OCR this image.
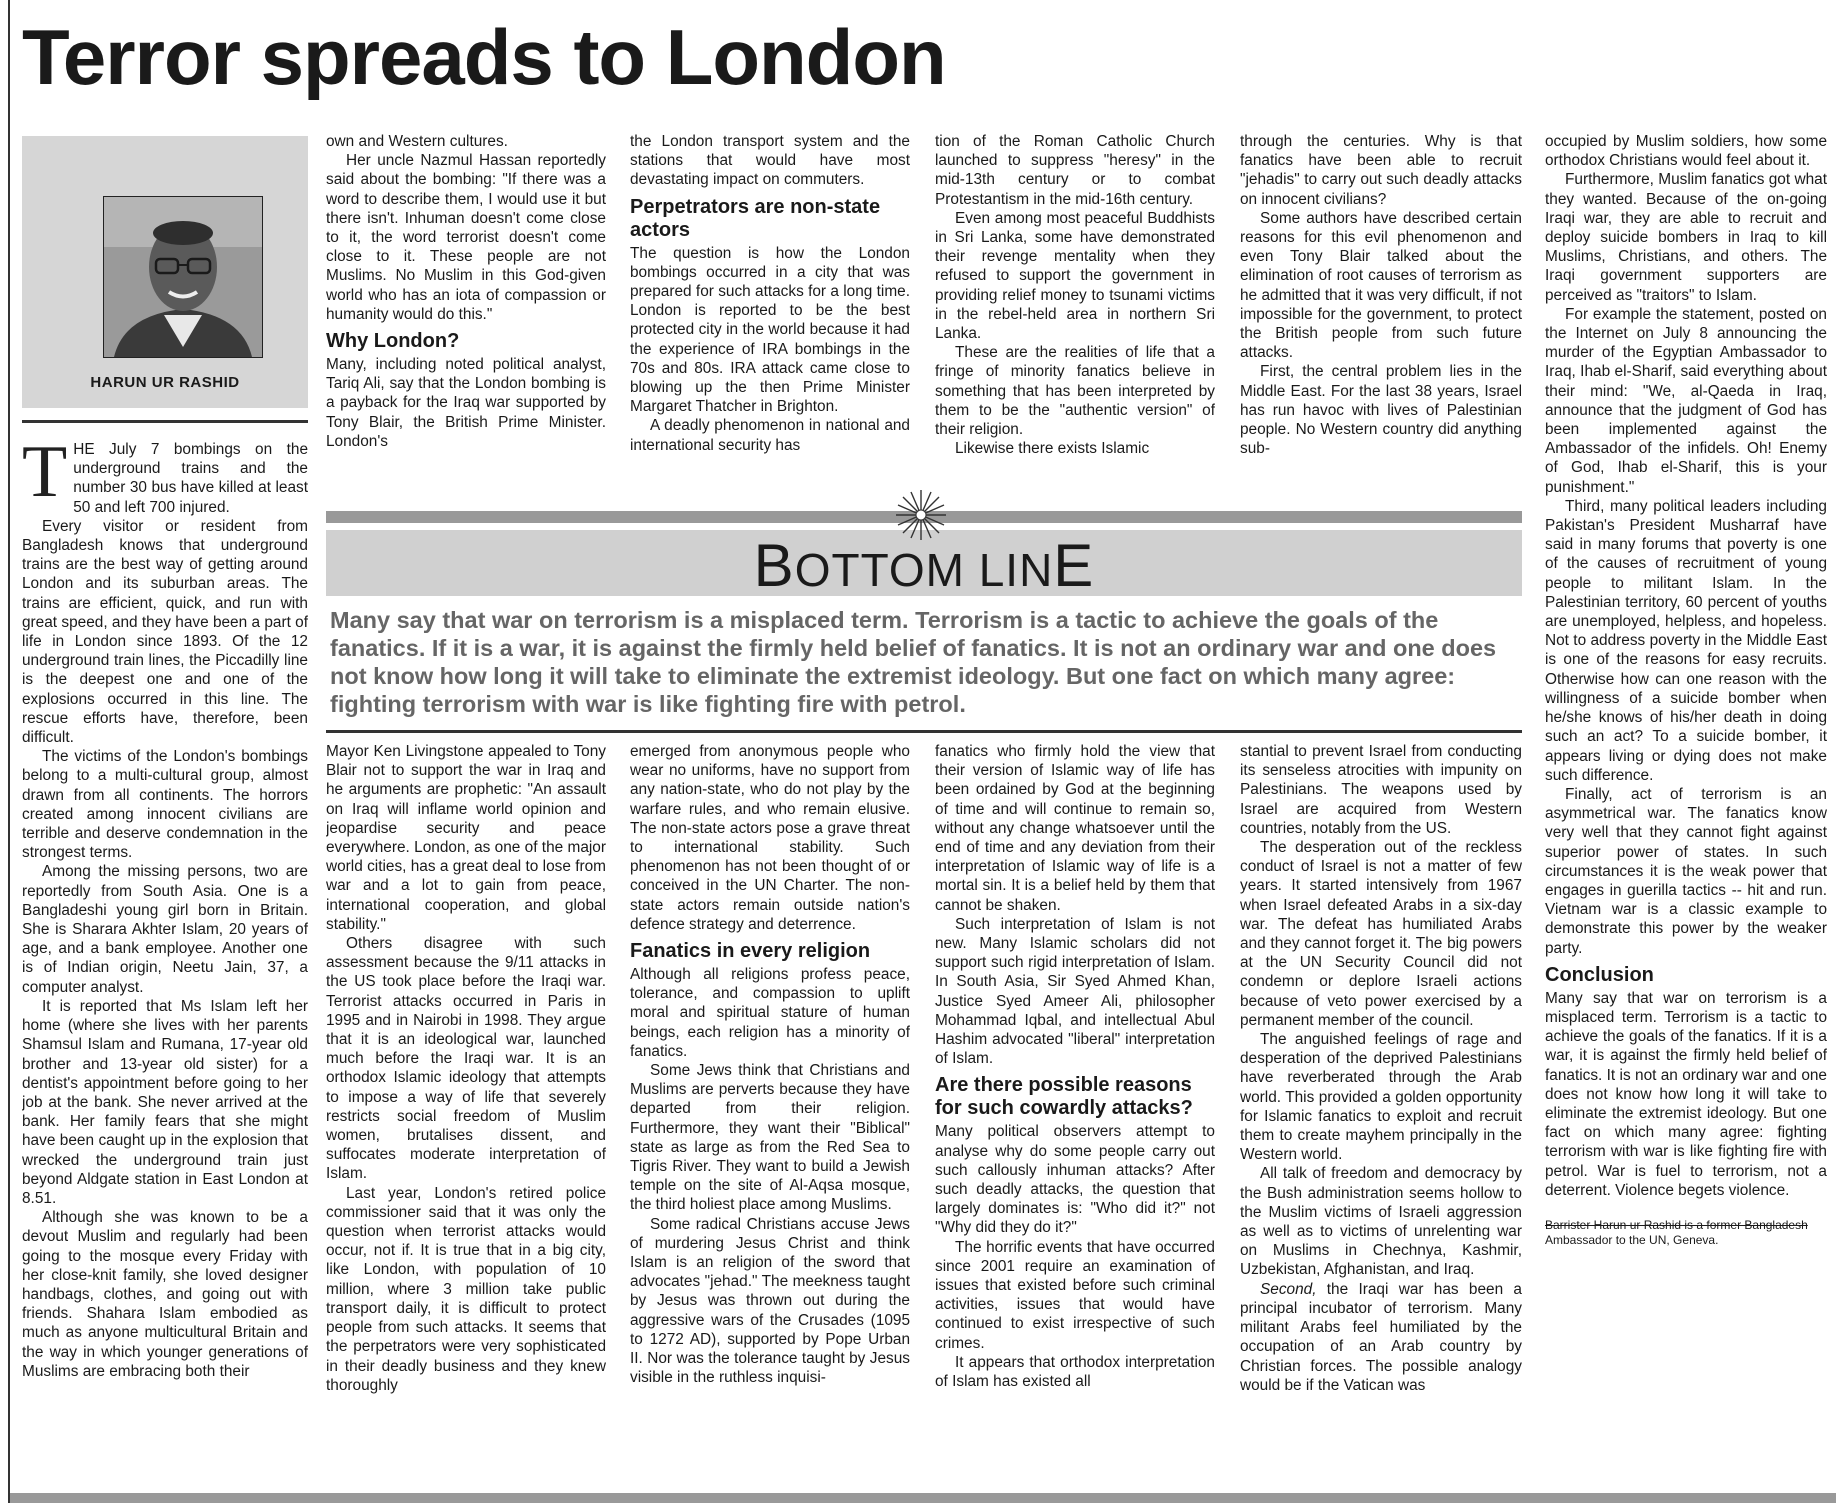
Terror spreads to London
HARUN UR RASHID

THE July 7 bombings on the underground trains and the number 30 bus have killed at least 50 and left 700 injured.

Every visitor or resident from Bangladesh knows that underground trains are the best way of getting around London and its suburban areas. The trains are efficient, quick, and run with great speed, and they have been a part of life in London since 1893. Of the 12 underground train lines, the Piccadilly line is the deepest one and one of the explosions occurred in this line. The rescue efforts have, therefore, been difficult.

The victims of the London's bombings belong to a multi-cultural group, almost drawn from all continents. The horrors created among innocent civilians are terrible and deserve condemnation in the strongest terms.

Among the missing persons, two are reportedly from South Asia. One is a Bangladeshi young girl born in Britain. She is Sharara Akhter Islam, 20 years of age, and a bank employee. Another one is of Indian origin, Neetu Jain, 37, a computer analyst.

It is reported that Ms Islam left her home (where she lives with her parents Shamsul Islam and Rumana, 17-year old brother and 13-year old sister) for a dentist's appointment before going to her job at the bank. She never arrived at the bank. Her family fears that she might have been caught up in the explosion that wrecked the underground train just beyond Aldgate station in East London at 8.51.

Although she was known to be a devout Muslim and regularly had been going to the mosque every Friday with her close-knit family, she loved designer handbags, clothes, and going out with friends. Shahara Islam embodied as much as anyone multicultural Britain and the way in which younger generations of Muslims are embracing both their

own and Western cultures.

Her uncle Nazmul Hassan reportedly said about the bombing: "If there was a word to describe them, I would use it but there isn't. Inhuman doesn't come close to it, the word terrorist doesn't come close to it. These people are not Muslims. No Muslim in this God-given world who has an iota of compassion or humanity would do this."

Why London?

Many, including noted political analyst, Tariq Ali, say that the London bombing is a payback for the Iraq war supported by Tony Blair, the British Prime Minister. London's

the London transport system and the stations that would have most devastating impact on commuters.

Perpetrators are non-state actors

The question is how the London bombings occurred in a city that was prepared for such attacks for a long time. London is reported to be the best protected city in the world because it had the experience of IRA bombings in the 70s and 80s. IRA attack came close to blowing up the then Prime Minister Margaret Thatcher in Brighton.

A deadly phenomenon in national and international security has

tion of the Roman Catholic Church launched to suppress "heresy" in the mid-13th century or to combat Protestantism in the mid-16th century.

Even among most peaceful Buddhists in Sri Lanka, some have demonstrated their revenge mentality when they refused to support the government in providing relief money to tsunami victims in the rebel-held area in northern Sri Lanka.

These are the realities of life that a fringe of minority fanatics believe in something that has been interpreted by them to be the "authentic version" of their religion.

Likewise there exists Islamic

through the centuries. Why is that fanatics have been able to recruit "jehadis" to carry out such deadly attacks on innocent civilians?

Some authors have described certain reasons for this evil phenomenon and even Tony Blair talked about the elimination of root causes of terrorism as he admitted that it was very difficult, if not impossible for the government, to protect the British people from such future attacks.

First, the central problem lies in the Middle East. For the last 38 years, Israel has run havoc with lives of Palestinian people. No Western country did anything sub-

BOTTOM LINE
Many say that war on terrorism is a misplaced term. Terrorism is a tactic to achieve the goals of the fanatics. If it is a war, it is against the firmly held belief of fanatics. It is not an ordinary war and one does not know how long it will take to eliminate the extremist ideology. But one fact on which many agree: fighting terrorism with war is like fighting fire with petrol.

Mayor Ken Livingstone appealed to Tony Blair not to support the war in Iraq and he arguments are prophetic: "An assault on Iraq will inflame world opinion and jeopardise security and peace everywhere. London, as one of the major world cities, has a great deal to lose from war and a lot to gain from peace, international cooperation, and global stability."

Others disagree with such assessment because the 9/11 attacks in the US took place before the Iraqi war. Terrorist attacks occurred in Paris in 1995 and in Nairobi in 1998. They argue that it is an ideological war, launched much before the Iraqi war. It is an orthodox Islamic ideology that attempts to impose a way of life that severely restricts social freedom of Muslim women, brutalises dissent, and suffocates moderate interpretation of Islam.

Last year, London's retired police commissioner said that it was only the question when terrorist attacks would occur, not if. It is true that in a big city, like London, with population of 10 million, where 3 million take public transport daily, it is difficult to protect people from such attacks. It seems that the perpetrators were very sophisticated in their deadly business and they knew thoroughly

emerged from anonymous people who wear no uniforms, have no support from any nation-state, who do not play by the warfare rules, and who remain elusive. The non-state actors pose a grave threat to international stability. Such phenomenon has not been thought of or conceived in the UN Charter. The non-state actors remain outside nation's defence strategy and deterrence.

Fanatics in every religion

Although all religions profess peace, tolerance, and compassion to uplift moral and spiritual stature of human beings, each religion has a minority of fanatics.

Some Jews think that Christians and Muslims are perverts because they have departed from their religion. Furthermore, they want their "Biblical" state as large as from the Red Sea to Tigris River. They want to build a Jewish temple on the site of Al-Aqsa mosque, the third holiest place among Muslims.

Some radical Christians accuse Jews of murdering Jesus Christ and think Islam is an religion of the sword that advocates "jehad." The meekness taught by Jesus was thrown out during the aggressive wars of the Crusades (1095 to 1272 AD), supported by Pope Urban II. Nor was the tolerance taught by Jesus visible in the ruthless inquisi-

fanatics who firmly hold the view that their version of Islamic way of life has been ordained by God at the beginning of time and will continue to remain so, without any change whatsoever until the end of time and any deviation from their interpretation of Islamic way of life is a mortal sin. It is a belief held by them that cannot be shaken.

Such interpretation of Islam is not new. Many Islamic scholars did not support such rigid interpretation of Islam. In South Asia, Sir Syed Ahmed Khan, Justice Syed Ameer Ali, philosopher Mohammad Iqbal, and intellectual Abul Hashim advocated "liberal" interpretation of Islam.

Are there possible reasons for such cowardly attacks?

Many political observers attempt to analyse why do some people carry out such callously inhuman attacks? After such deadly attacks, the question that largely dominates is: "Who did it?" not "Why did they do it?"

The horrific events that have occurred since 2001 require an examination of issues that existed before such criminal activities, issues that would have continued to exist irrespective of such crimes.

It appears that orthodox interpretation of Islam has existed all

stantial to prevent Israel from conducting its senseless atrocities with impunity on Palestinians. The weapons used by Israel are acquired from Western countries, notably from the US.

The desperation out of the reckless conduct of Israel is not a matter of few years. It started intensively from 1967 when Israel defeated Arabs in a six-day war. The defeat has humiliated Arabs and they cannot forget it. The big powers at the UN Security Council did not condemn or deplore Israeli actions because of veto power exercised by a permanent member of the council.

The anguished feelings of rage and desperation of the deprived Palestinians have reverberated through the Arab world. This provided a golden opportunity for Islamic fanatics to exploit and recruit them to create mayhem principally in the Western world.

All talk of freedom and democracy by the Bush administration seems hollow to the Muslim victims of Israeli aggression as well as to victims of unrelenting war on Muslims in Chechnya, Kashmir, Uzbekistan, Afghanistan, and Iraq.

Second, the Iraqi war has been a principal incubator of terrorism. Many militant Arabs feel humiliated by the occupation of an Arab country by Christian forces. The possible analogy would be if the Vatican was

occupied by Muslim soldiers, how some orthodox Christians would feel about it.

Furthermore, Muslim fanatics got what they wanted. Because of the on-going Iraqi war, they are able to recruit and deploy suicide bombers in Iraq to kill Muslims, Christians, and others. The Iraqi government supporters are perceived as "traitors" to Islam.

For example the statement, posted on the Internet on July 8 announcing the murder of the Egyptian Ambassador to Iraq, Ihab el-Sharif, said everything about their mind: "We, al-Qaeda in Iraq, announce that the judgment of God has been implemented against the Ambassador of the infidels. Oh! Enemy of God, Ihab el-Sharif, this is your punishment."

Third, many political leaders including Pakistan's President Musharraf have said in many forums that poverty is one of the causes of recruitment of young people to militant Islam. In the Palestinian territory, 60 percent of youths are unemployed, helpless, and hopeless. Not to address poverty in the Middle East is one of the reasons for easy recruits. Otherwise how can one reason with the willingness of a suicide bomber when he/she knows of his/her death in doing such an act? To a suicide bomber, it appears living or dying does not make such difference.

Finally, act of terrorism is an asymmetrical war. The fanatics know very well that they cannot fight against superior power of states. In such circumstances it is the weak power that engages in guerilla tactics -- hit and run. Vietnam war is a classic example to demonstrate this power by the weaker party.

Conclusion

Many say that war on terrorism is a misplaced term. Terrorism is a tactic to achieve the goals of the fanatics. If it is a war, it is against the firmly held belief of fanatics. It is not an ordinary war and one does not know how long it will take to eliminate the extremist ideology. But one fact on which many agree: fighting terrorism with war is like fighting fire with petrol. War is fuel to terrorism, not a deterrent. Violence begets violence.

Barrister Harun ur Rashid is a former Bangladesh
Ambassador to the UN, Geneva.
